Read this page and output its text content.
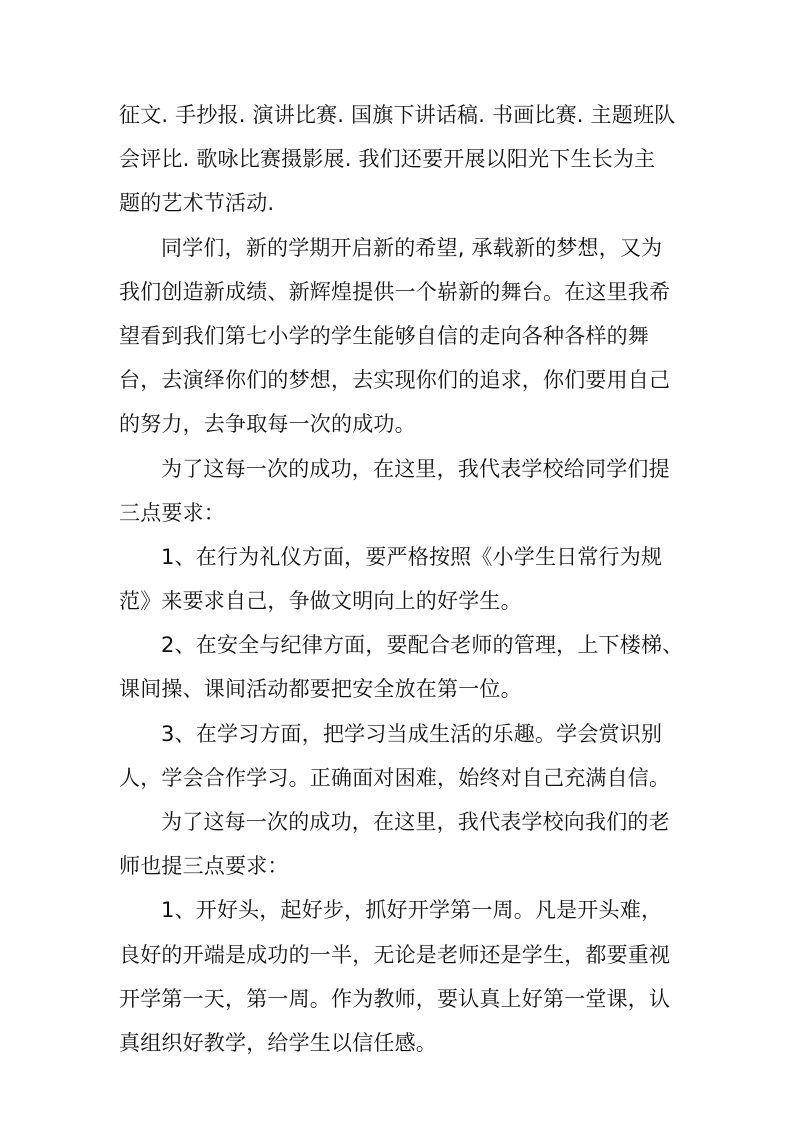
征文. 手抄报. 演讲比赛. 国旗下讲话稿. 书画比赛. 主题班队
会评比. 歌咏比赛摄影展. 我们还要开展以阳光下生长为主
题的艺术节活动.
同学们，新的学期开启新的希望, 承载新的梦想，又为
我们创造新成绩、新辉煌提供一个崭新的舞台。在这里我希
望看到我们第七小学的学生能够自信的走向各种各样的舞
台，去演绎你们的梦想，去实现你们的追求，你们要用自己
的努力，去争取每一次的成功。
为了这每一次的成功，在这里，我代表学校给同学们提
三点要求：
1、在行为礼仪方面，要严格按照《小学生日常行为规
范》来要求自己，争做文明向上的好学生。
2、在安全与纪律方面，要配合老师的管理，上下楼梯、
课间操、课间活动都要把安全放在第一位。
3、在学习方面，把学习当成生活的乐趣。学会赏识别
人，学会合作学习。正确面对困难，始终对自己充满自信。
为了这每一次的成功，在这里，我代表学校向我们的老
师也提三点要求：
1、开好头，起好步，抓好开学第一周。凡是开头难，
良好的开端是成功的一半，无论是老师还是学生，都要重视
开学第一天，第一周。作为教师，要认真上好第一堂课，认
真组织好教学，给学生以信任感。
